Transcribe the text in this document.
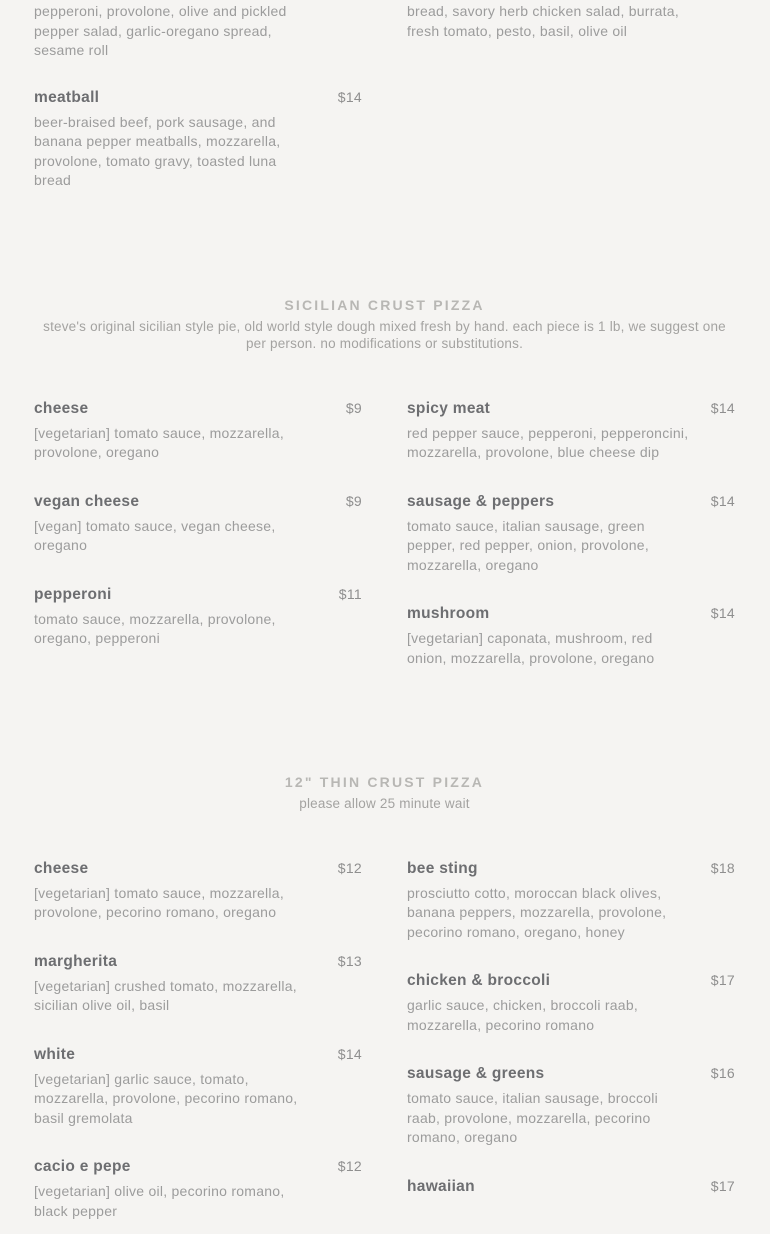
pepperoni, provolone, olive and pickled pepper salad, garlic-oregano spread, sesame roll

meatball	$14

beer-braised beef, pork sausage, and banana pepper meatballs, mozzarella, provolone, tomato gravy, toasted luna bread

bread, savory herb chicken salad, burrata, fresh tomato, pesto, basil, olive oil

SICILIAN CRUST PIZZA

steve's original sicilian style pie, old world style dough mixed fresh by hand. each piece is 1 lb, we suggest one per person. no modifications or substitutions.

cheese	$9

[vegetarian] tomato sauce, mozzarella, provolone, oregano

vegan cheese	$9

[vegan] tomato sauce, vegan cheese, oregano

pepperoni	$11

tomato sauce, mozzarella, provolone, oregano, pepperoni

spicy meat	$14

red pepper sauce, pepperoni, pepperoncini, mozzarella, provolone, blue cheese dip

sausage & peppers	$14

tomato sauce, italian sausage, green pepper, red pepper, onion, provolone, mozzarella, oregano

mushroom	$14

[vegetarian] caponata, mushroom, red onion, mozzarella, provolone, oregano

12" THIN CRUST PIZZA

please allow 25 minute wait

cheese	$12

[vegetarian] tomato sauce, mozzarella, provolone, pecorino romano, oregano

margherita	$13

[vegetarian] crushed tomato, mozzarella, sicilian olive oil, basil

white	$14

[vegetarian] garlic sauce, tomato, mozzarella, provolone, pecorino romano, basil gremolata

cacio e pepe	$12

[vegetarian] olive oil, pecorino romano, black pepper

bee sting	$18

prosciutto cotto, moroccan black olives, banana peppers, mozzarella, provolone, pecorino romano, oregano, honey

chicken & broccoli	$17

garlic sauce, chicken, broccoli raab, mozzarella, pecorino romano

sausage & greens	$16

tomato sauce, italian sausage, broccoli raab, provolone, mozzarella, pecorino romano, oregano

hawaiian	$17
